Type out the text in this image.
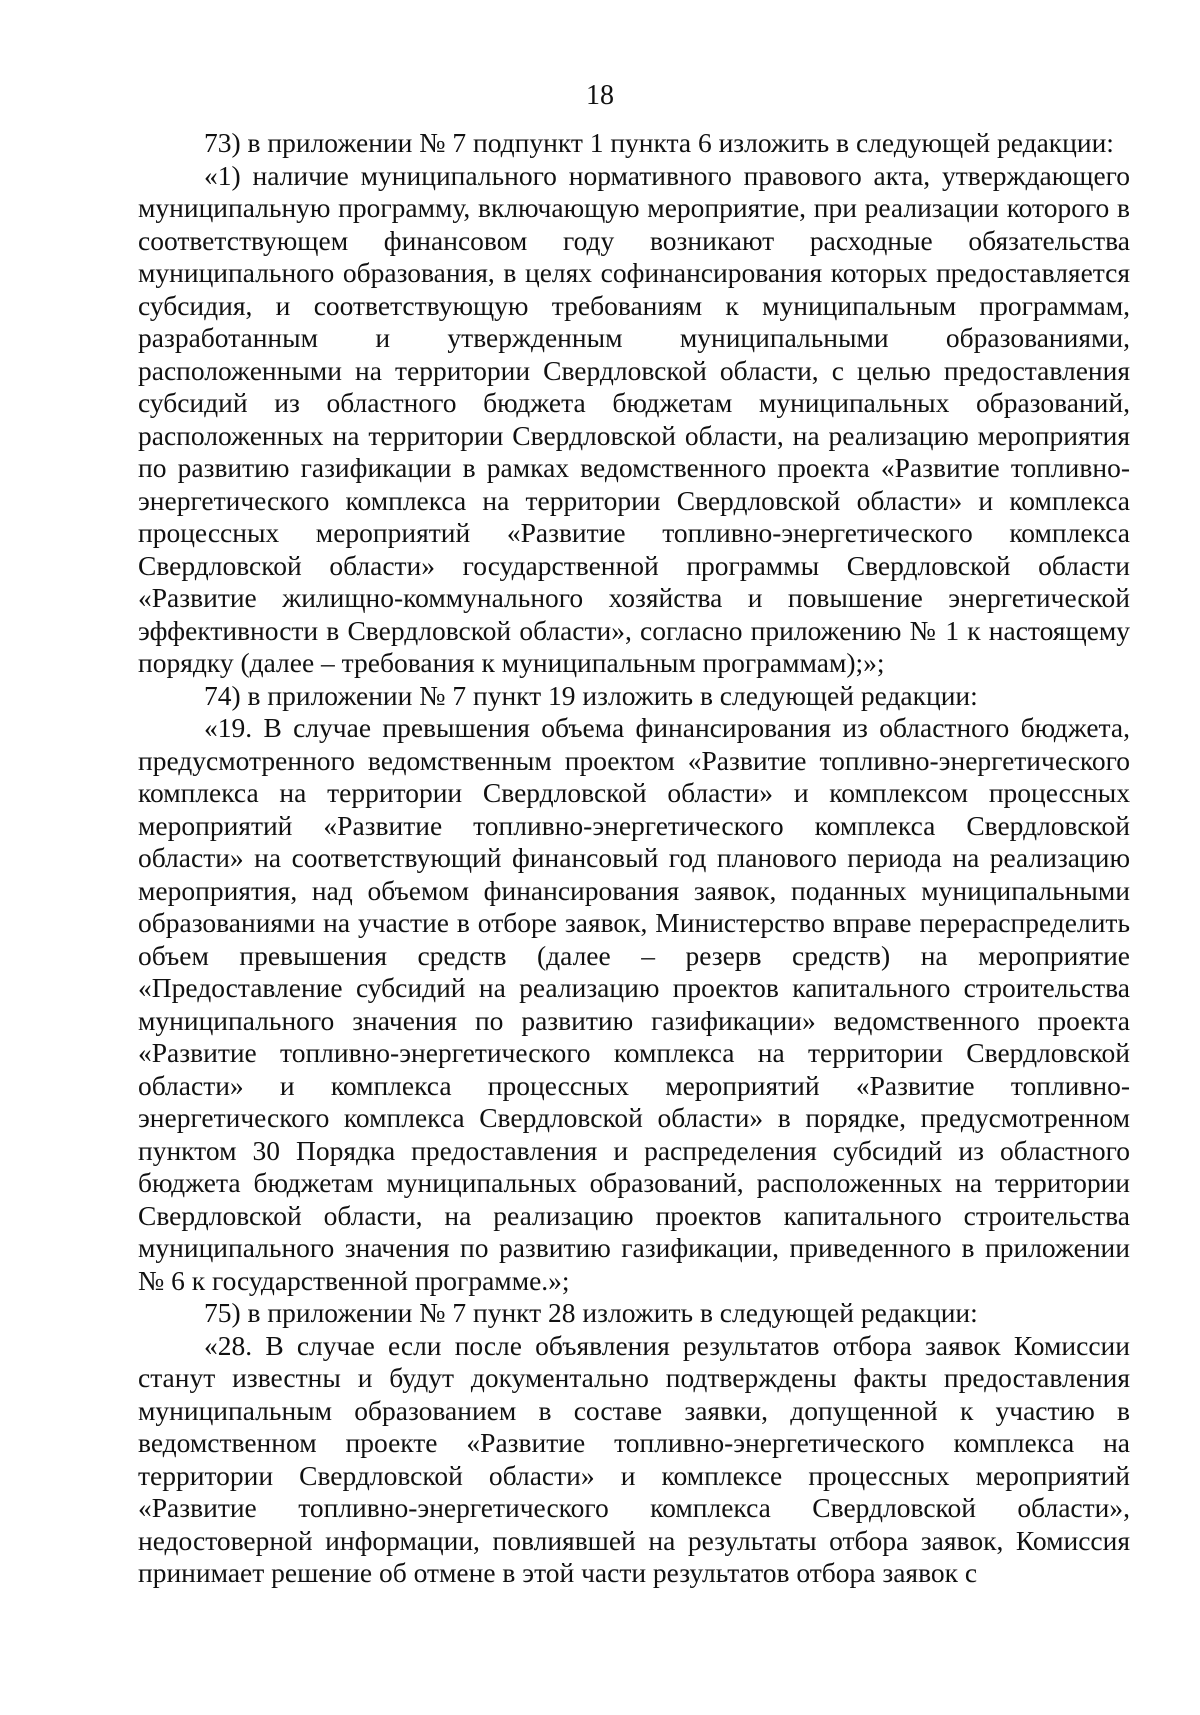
18

73) в приложении № 7 подпункт 1 пункта 6 изложить в следующей редакции:

«1) наличие муниципального нормативного правового акта, утверждающего муниципальную программу, включающую мероприятие, при реализации которого в соответствующем финансовом году возникают расходные обязательства муниципального образования, в целях софинансирования которых предоставляется субсидия, и соответствующую требованиям к муниципальным программам, разработанным и утвержденным муниципальными образованиями, расположенными на территории Свердловской области, с целью предоставления субсидий из областного бюджета бюджетам муниципальных образований, расположенных на территории Свердловской области, на реализацию мероприятия по развитию газификации в рамках ведомственного проекта «Развитие топливно-энергетического комплекса на территории Свердловской области» и комплекса процессных мероприятий «Развитие топливно-энергетического комплекса Свердловской области» государственной программы Свердловской области «Развитие жилищно-коммунального хозяйства и повышение энергетической эффективности в Свердловской области», согласно приложению № 1 к настоящему порядку (далее – требования к муниципальным программам);»;

74) в приложении № 7 пункт 19 изложить в следующей редакции:

«19. В случае превышения объема финансирования из областного бюджета, предусмотренного ведомственным проектом «Развитие топливно-энергетического комплекса на территории Свердловской области» и комплексом процессных мероприятий «Развитие топливно-энергетического комплекса Свердловской области» на соответствующий финансовый год планового периода на реализацию мероприятия, над объемом финансирования заявок, поданных муниципальными образованиями на участие в отборе заявок, Министерство вправе перераспределить объем превышения средств (далее – резерв средств) на мероприятие «Предоставление субсидий на реализацию проектов капитального строительства муниципального значения по развитию газификации» ведомственного проекта «Развитие топливно-энергетического комплекса на территории Свердловской области» и комплекса процессных мероприятий «Развитие топливно-энергетического комплекса Свердловской области» в порядке, предусмотренном пунктом 30 Порядка предоставления и распределения субсидий из областного бюджета бюджетам муниципальных образований, расположенных на территории Свердловской области, на реализацию проектов капитального строительства муниципального значения по развитию газификации, приведенного в приложении № 6 к государственной программе.»;

75) в приложении № 7 пункт 28 изложить в следующей редакции:

«28. В случае если после объявления результатов отбора заявок Комиссии станут известны и будут документально подтверждены факты предоставления муниципальным образованием в составе заявки, допущенной к участию в ведомственном проекте «Развитие топливно-энергетического комплекса на территории Свердловской области» и комплексе процессных мероприятий «Развитие топливно-энергетического комплекса Свердловской области», недостоверной информации, повлиявшей на результаты отбора заявок, Комиссия принимает решение об отмене в этой части результатов отбора заявок с
